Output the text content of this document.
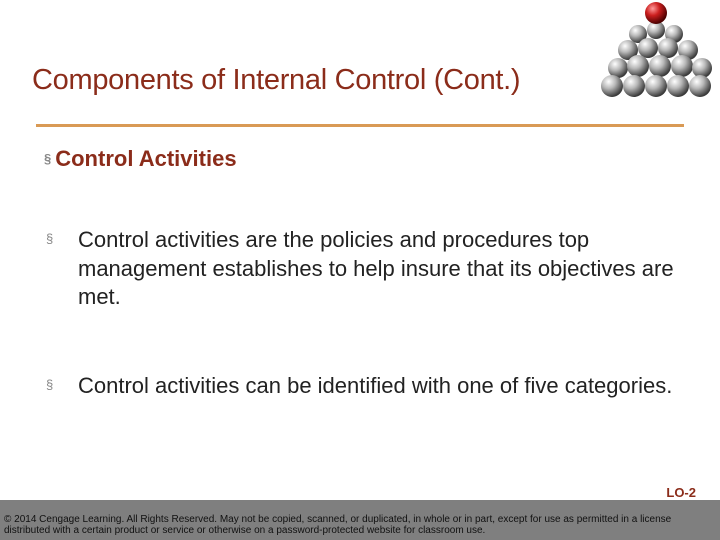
Components of Internal Control (Cont.)
§ Control Activities
§ Control activities are the policies and procedures top management establishes to help insure that its objectives are met.
§ Control activities can be identified with one of five categories.
LO-2
© 2014 Cengage Learning. All Rights Reserved. May not be copied, scanned, or duplicated, in whole or in part, except for use as permitted in a license distributed with a certain product or service or otherwise on a password-protected website for classroom use.
